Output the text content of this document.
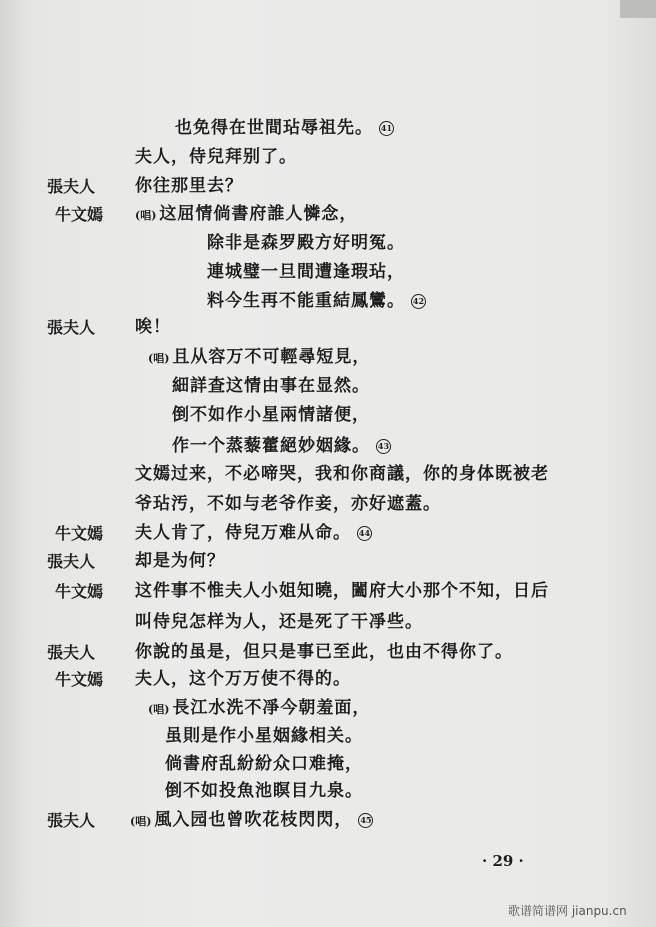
也免得在世間玷辱祖先。 41
夫人，侍兒拜别了。
張夫人 你往那里去？
牛文嫣	(唱) 这屈情倘書府誰人憐念，
除非是森罗殿方好明冤。
連城璧一旦間遭逢瑕玷，
料今生再不能重結鳳鸞。 42
張夫人 唉！
(唱) 且从容万不可輕尋短見，
細詳查这情由事在显然。
倒不如作小星兩情諸便，
作一个蒸藜藿絕妙姻緣。 43
文嫣过来，不必啼哭，我和你商議，你的身体既被老
爷玷汚，不如与老爷作妾，亦好遮蓋。
牛文嫣 夫人肯了，侍兒万难从命。 44
張夫人 却是为何？
牛文嫣 这件事不惟夫人小姐知曉，闔府大小那个不知，日后
叫侍兒怎样为人，还是死了干凈些。
張夫人 你說的虽是，但只是事已至此，也由不得你了。
牛文嫣 夫人，这个万万使不得的。
(唱) 長江水洗不凈今朝羞面，
虽則是作小星姻緣相关。
倘書府乱紛紛众口难掩，
倒不如投魚池瞑目九泉。
張夫人	(唱) 風入园也曾吹花枝閃閃， 45
· 29 ·
歌谱简谱网 jianpu.cn
